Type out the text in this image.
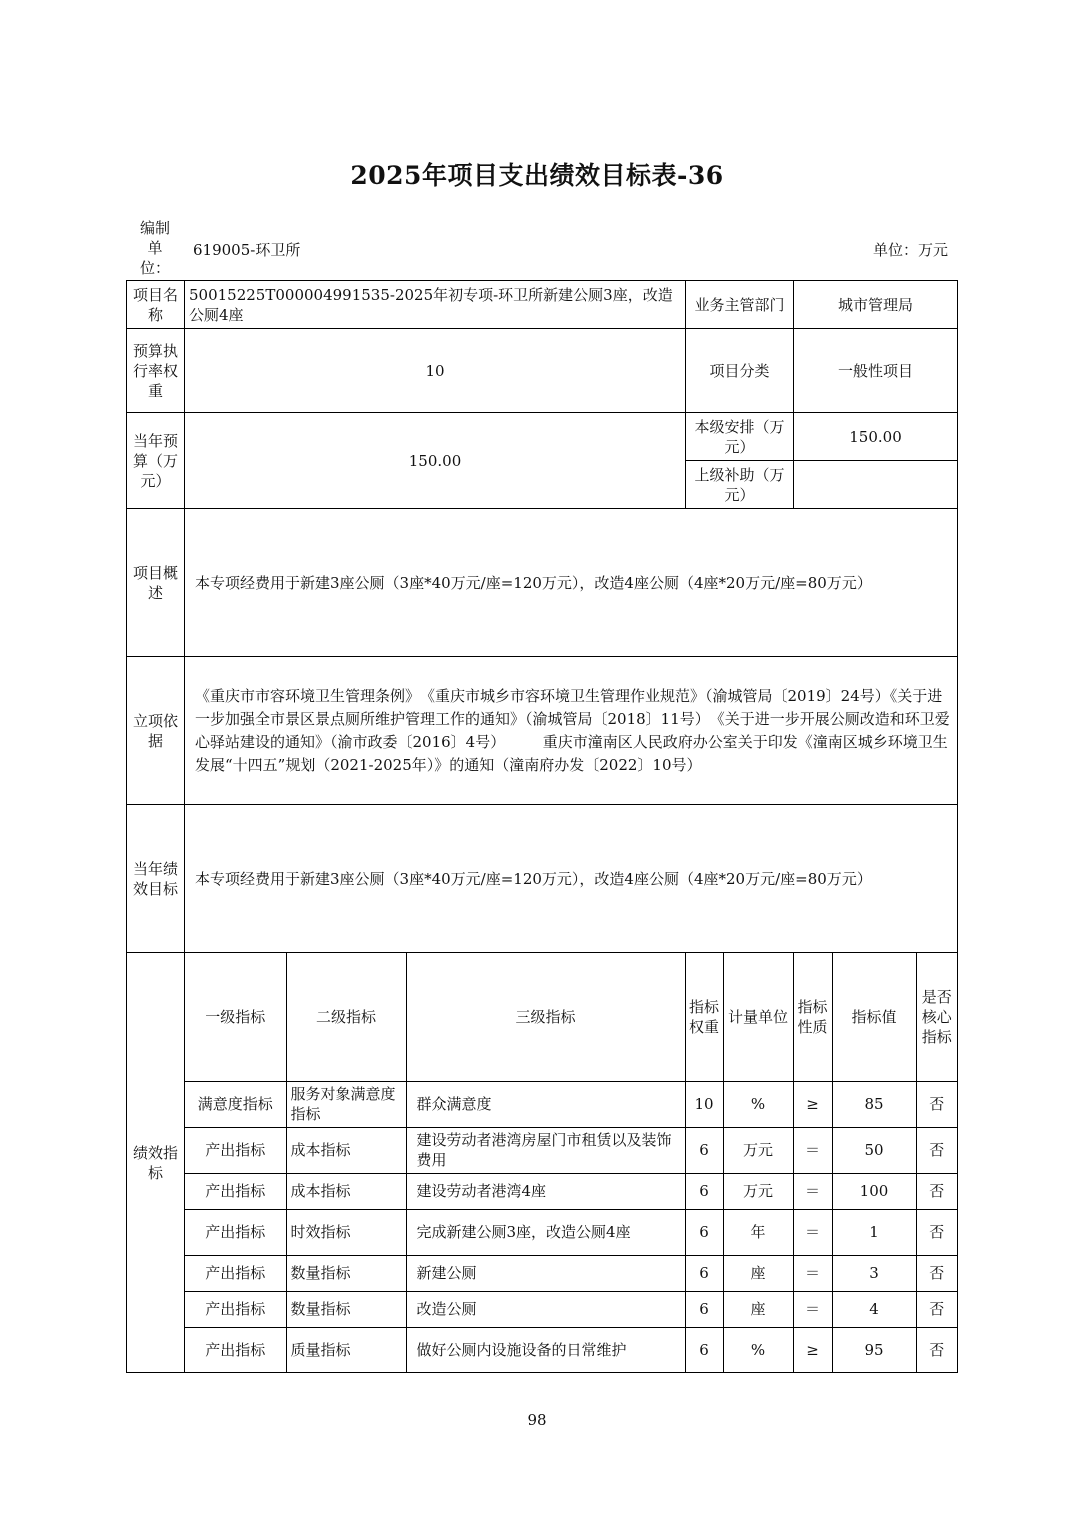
2025年项目支出绩效目标表-36
编制单位：
619005-环卫所	单位：万元
项目名称	50015225T000004991535-2025年初专项-环卫所新建公厕3座，改造公厕4座	业务主管部门	城市管理局
预算执行率权重	10	项目分类	一般性项目
当年预算（万元）	150.00	本级安排（万元）	150.00
上级补助（万元）	
项目概述	本专项经费用于新建3座公厕（3座*40万元/座=120万元），改造4座公厕（4座*20万元/座=80万元）
立项依据	《重庆市市容环境卫生管理条例》　《重庆市城乡市容环境卫生管理作业规范》（渝城管局〔2019〕24号）《关于进一步加强全市景区景点厕所维护管理工作的通知》（渝城管局〔2018〕11号）　《关于进一步开展公厕改造和环卫爱心驿站建设的通知》（渝市政委〔2016〕4号）　　　重庆市潼南区人民政府办公室关于印发《潼南区城乡环境卫生发展“十四五”规划（2021-2025年）》的通知（潼南府办发〔2022〕10号）
当年绩效目标	本专项经费用于新建3座公厕（3座*40万元/座=120万元），改造4座公厕（4座*20万元/座=80万元）
绩效指标	
一级指标	二级指标	三级指标	指标权重	计量单位	指标性质	指标值	是否核心指标
满意度指标	服务对象满意度指标	群众满意度	10	%	≥	85	否
产出指标	成本指标	建设劳动者港湾房屋门市租赁以及装饰费用	6	万元	＝	50	否
产出指标	成本指标	建设劳动者港湾4座	6	万元	＝	100	否
产出指标	时效指标	完成新建公厕3座，改造公厕4座	6	年	＝	1	否
产出指标	数量指标	新建公厕	6	座	＝	3	否
产出指标	数量指标	改造公厕	6	座	＝	4	否
产出指标	质量指标	做好公厕内设施设备的日常维护	6	%	≥	95	否
98
